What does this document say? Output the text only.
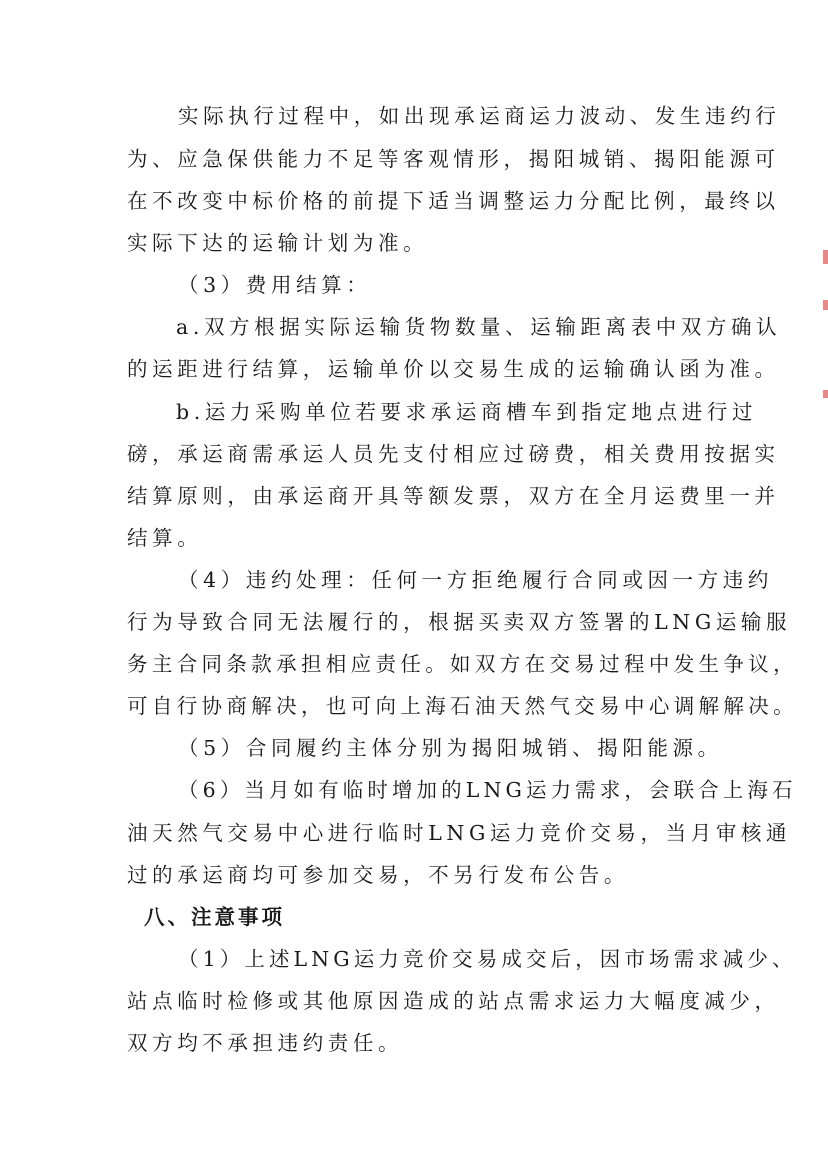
实际执行过程中，如出现承运商运力波动、发生违约行
为、应急保供能力不足等客观情形，揭阳城销、揭阳能源可
在不改变中标价格的前提下适当调整运力分配比例，最终以
实际下达的运输计划为准。
（3）费用结算：
a.双方根据实际运输货物数量、运输距离表中双方确认
的运距进行结算，运输单价以交易生成的运输确认函为准。
b.运力采购单位若要求承运商槽车到指定地点进行过
磅，承运商需承运人员先支付相应过磅费，相关费用按据实
结算原则，由承运商开具等额发票，双方在全月运费里一并
结算。
（4）违约处理：任何一方拒绝履行合同或因一方违约
行为导致合同无法履行的，根据买卖双方签署的LNG运输服
务主合同条款承担相应责任。如双方在交易过程中发生争议，
可自行协商解决，也可向上海石油天然气交易中心调解解决。
（5）合同履约主体分别为揭阳城销、揭阳能源。
（6）当月如有临时增加的LNG运力需求，会联合上海石
油天然气交易中心进行临时LNG运力竞价交易，当月审核通
过的承运商均可参加交易，不另行发布公告。
八、注意事项
（1）上述LNG运力竞价交易成交后，因市场需求减少、
站点临时检修或其他原因造成的站点需求运力大幅度减少，
双方均不承担违约责任。
